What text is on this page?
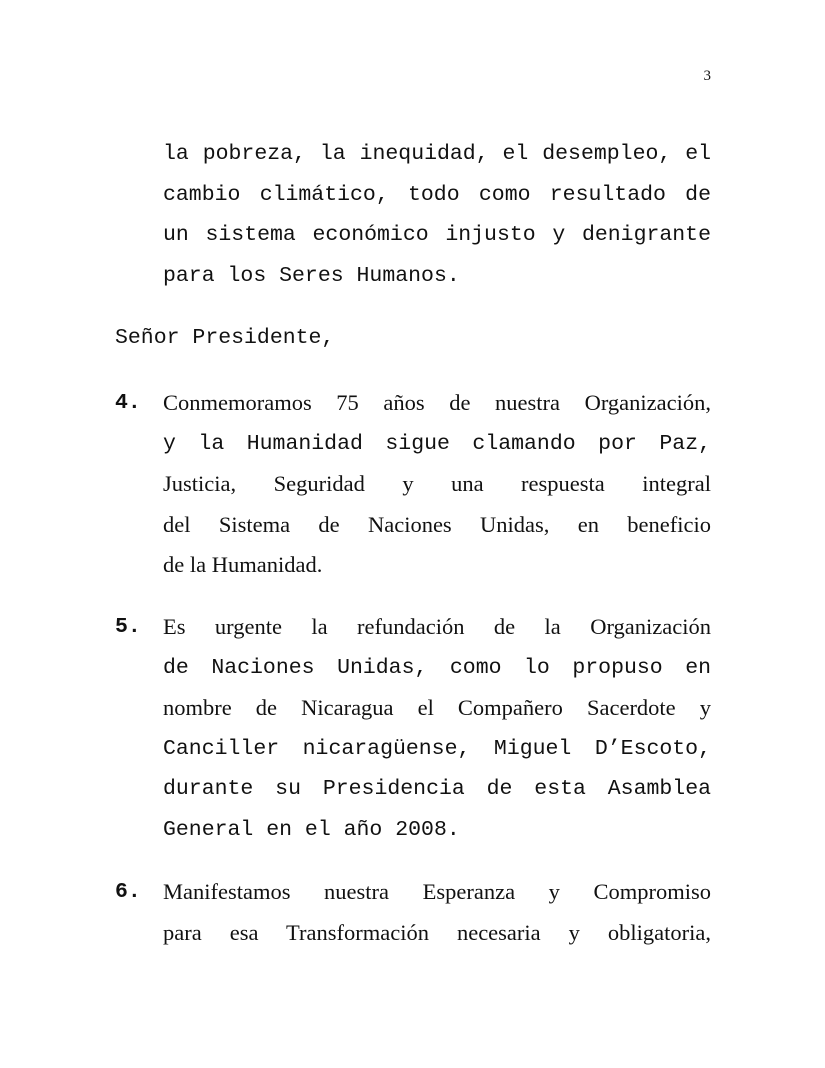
3
la pobreza, la inequidad, el desempleo, el
cambio climático, todo como resultado de
un sistema económico injusto y denigrante
para los Seres Humanos.
Señor Presidente,
4. Conmemoramos 75 años de nuestra Organización,
y la Humanidad sigue clamando por Paz,
Justicia, Seguridad y una respuesta integral
del Sistema de Naciones Unidas, en beneficio
de la Humanidad.
5. Es urgente la refundación de la Organización
de Naciones Unidas, como lo propuso en
nombre de Nicaragua el Compañero Sacerdote y
Canciller nicaragüense, Miguel D’Escoto,
durante su Presidencia de esta Asamblea
General en el año 2008.
6. Manifestamos nuestra Esperanza y Compromiso
para esa Transformación necesaria y obligatoria,
